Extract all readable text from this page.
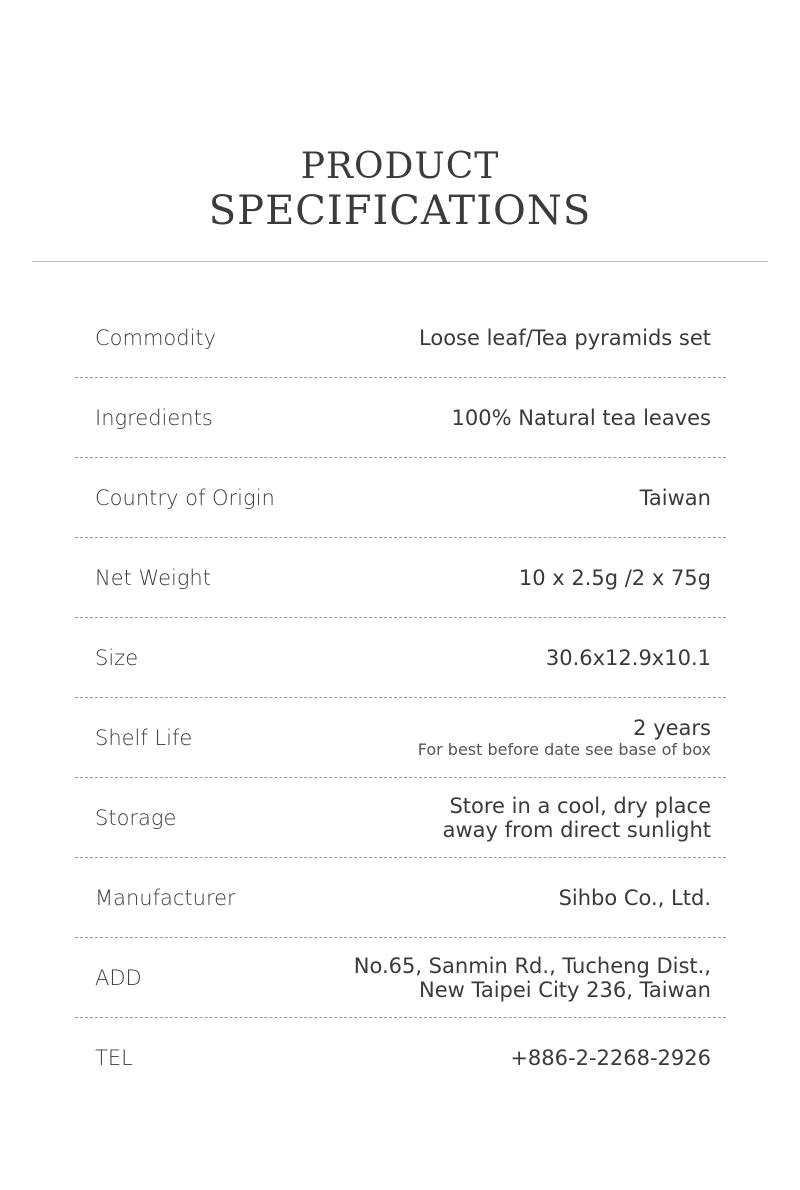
PRODUCT
SPECIFICATIONS
Commodity	Loose leaf/Tea pyramids set
Ingredients	100% Natural tea leaves
Country of Origin	Taiwan
Net Weight	10 x 2.5g /2 x 75g
Size	30.6x12.9x10.1
Shelf Life	2 years
For best before date see base of box
Storage	Store in a cool, dry place
away from direct sunlight
Manufacturer	Sihbo Co., Ltd.
ADD	No.65, Sanmin Rd., Tucheng Dist.,
New Taipei City 236, Taiwan
TEL	+886-2-2268-2926
